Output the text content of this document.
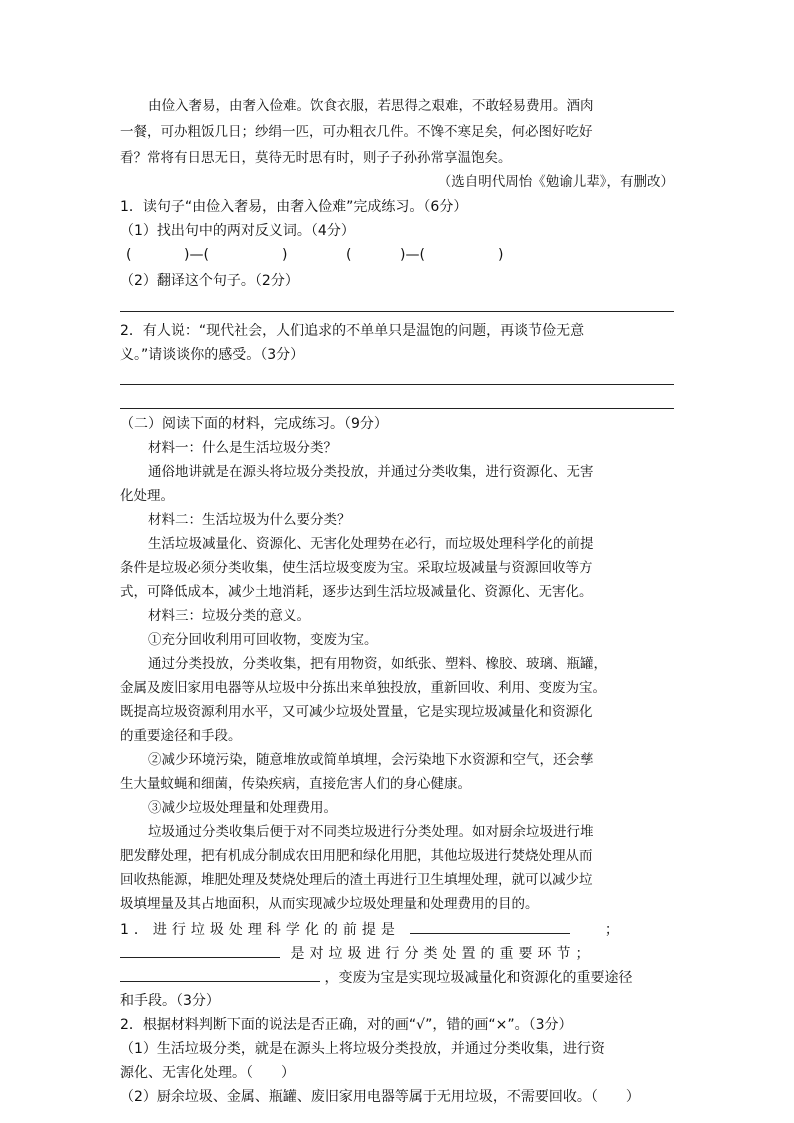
由俭入奢易，由奢入俭难。饮食衣服，若思得之艰难，不敢轻易费用。酒肉
一餐，可办粗饭几日；纱绢一匹，可办粗衣几件。不馋不寒足矣，何必图好吃好
看？常将有日思无日，莫待无时思有时，则子子孙孙常享温饱矣。
（选自明代周怡《勉谕儿辈》，有删改）
1．读句子“由俭入奢易，由奢入俭难”完成练习。（6分）
（1）找出句中的两对反义词。（4分）
(	)—(	)	(	)—(	)
（2）翻译这个句子。（2分）
2．有人说：“现代社会，人们追求的不单单只是温饱的问题，再谈节俭无意
义。”请谈谈你的感受。（3分）
（二）阅读下面的材料，完成练习。（9分）
材料一：什么是生活垃圾分类？
通俗地讲就是在源头将垃圾分类投放，并通过分类收集，进行资源化、无害
化处理。
材料二：生活垃圾为什么要分类？
生活垃圾减量化、资源化、无害化处理势在必行，而垃圾处理科学化的前提
条件是垃圾必须分类收集，使生活垃圾变废为宝。采取垃圾减量与资源回收等方
式，可降低成本，减少土地消耗，逐步达到生活垃圾减量化、资源化、无害化。
材料三：垃圾分类的意义。
①充分回收利用可回收物，变废为宝。
通过分类投放，分类收集，把有用物资，如纸张、塑料、橡胶、玻璃、瓶罐，
金属及废旧家用电器等从垃圾中分拣出来单独投放，重新回收、利用、变废为宝。
既提高垃圾资源利用水平，又可减少垃圾处置量，它是实现垃圾减量化和资源化
的重要途径和手段。
②减少环境污染，随意堆放或简单填埋，会污染地下水资源和空气，还会孳
生大量蚊蝇和细菌，传染疾病，直接危害人们的身心健康。
③减少垃圾处理量和处理费用。
垃圾通过分类收集后便于对不同类垃圾进行分类处理。如对厨余垃圾进行堆
肥发酵处理，把有机成分制成农田用肥和绿化用肥，其他垃圾进行焚烧处理从而
回收热能源，堆肥处理及焚烧处理后的渣土再进行卫生填埋处理，就可以减少垃
圾填埋量及其占地面积，从而实现减少垃圾处理量和处理费用的目的。
1．进行垃圾处理科学化的前提是	；
是对垃圾进行分类处置的重要环节；
，变废为宝是实现垃圾减量化和资源化的重要途径
和手段。（3分）
2．根据材料判断下面的说法是否正确，对的画“√”，错的画“×”。（3分）
（1）生活垃圾分类，就是在源头上将垃圾分类投放，并通过分类收集，进行资
源化、无害化处理。（　　）
（2）厨余垃圾、金属、瓶罐、废旧家用电器等属于无用垃圾，不需要回收。（　　）
